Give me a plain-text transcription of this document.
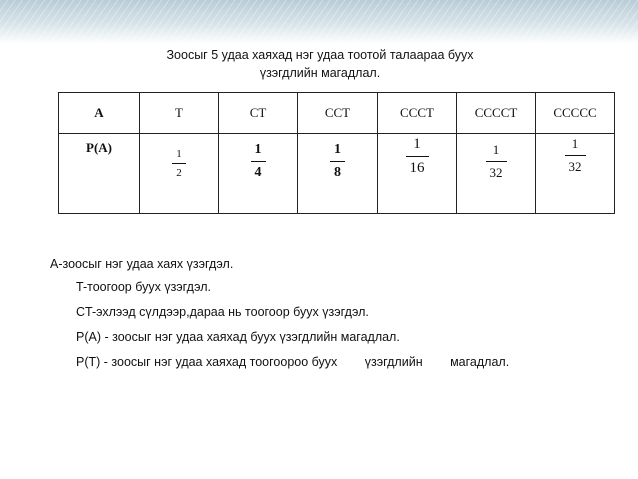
Зоосыг 5 удаа хаяхад нэг удаа тоотой талаараа буух
үзэгдлийн магадлал.
A	T	CT	CCT	CCCT	CCCCT	CCCCC
P(A)	$\frac{1}{2}$	$\frac{1}{4}$	$\frac{1}{8}$	$\frac{1}{16}$	$\frac{1}{32}$	$\frac{1}{32}$
A-зоосыг нэг удаа хаях үзэгдэл.
T-тоогоор буух үзэгдэл.
CT-эхлээд сүлдээр,дараа нь тоогоор буух үзэгдэл.
P(A) - зоосыг нэг удаа хаяхад буух үзэгдлийн магадлал.
P(T) - зоосыг нэг удаа хаяхад тоогоороо буух үзэгдлийн магадлал.
